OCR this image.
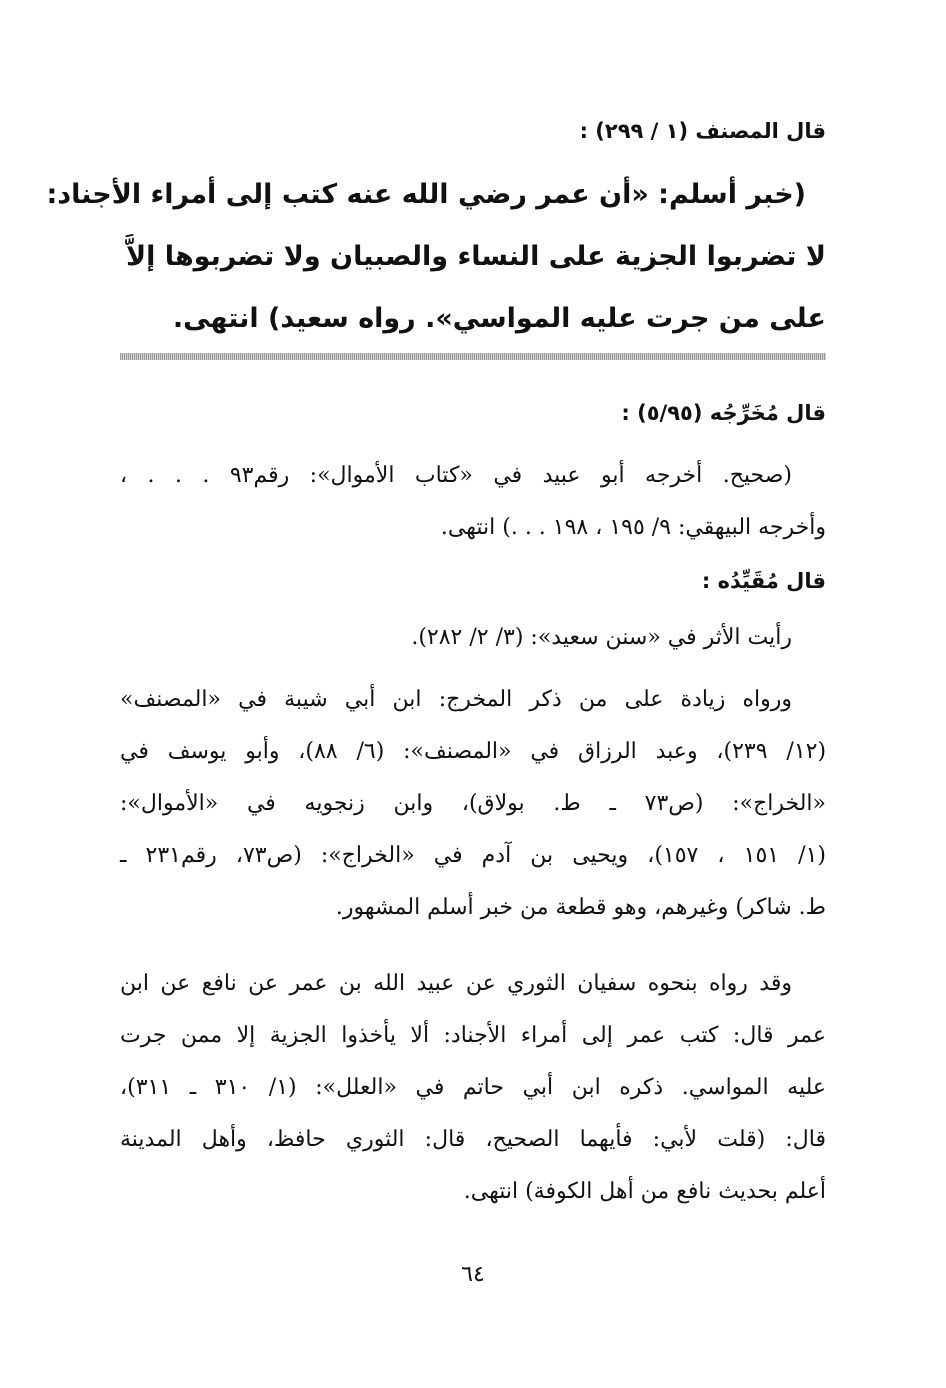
قال المصنف (١ / ٢٩٩) :
(خبر أسلم: «أن عمر رضي الله عنه كتب إلى أمراء الأجناد:
لا تضربوا الجزية على النساء والصبيان ولا تضربوها إلاَّ
على من جرت عليه المواسي». رواه سعيد) انتهى.
قال مُخَرِّجُه (٥/٩٥) :
(صحيح. أخرجه أبو عبيد في «كتاب الأموال»: رقم٩٣ . . . ،
وأخرجه البيهقي: ٩/ ١٩٥ ، ١٩٨ . . .) انتهى.
قال مُقَيِّدُه :
رأيت الأثر في «سنن سعيد»: (٣/ ٢/ ٢٨٢).
ورواه زيادة على من ذكر المخرج: ابن أبي شيبة في «المصنف»
(١٢/ ٢٣٩)، وعبد الرزاق في «المصنف»: (٦/ ٨٨)، وأبو يوسف في
«الخراج»: (ص٧٣ ـ ط. بولاق)، وابن زنجويه في «الأموال»:
(١/ ١٥١ ، ١٥٧)، ويحيى بن آدم في «الخراج»: (ص٧٣، رقم٢٣١ ـ
ط. شاكر) وغيرهم، وهو قطعة من خبر أسلم المشهور.
وقد رواه بنحوه سفيان الثوري عن عبيد الله بن عمر عن نافع عن ابن
عمر قال: كتب عمر إلى أمراء الأجناد: ألا يأخذوا الجزية إلا ممن جرت
عليه المواسي. ذكره ابن أبي حاتم في «العلل»: (١/ ٣١٠ ـ ٣١١)،
قال: (قلت لأبي: فأيهما الصحيح، قال: الثوري حافظ، وأهل المدينة
أعلم بحديث نافع من أهل الكوفة) انتهى.
٦٤
